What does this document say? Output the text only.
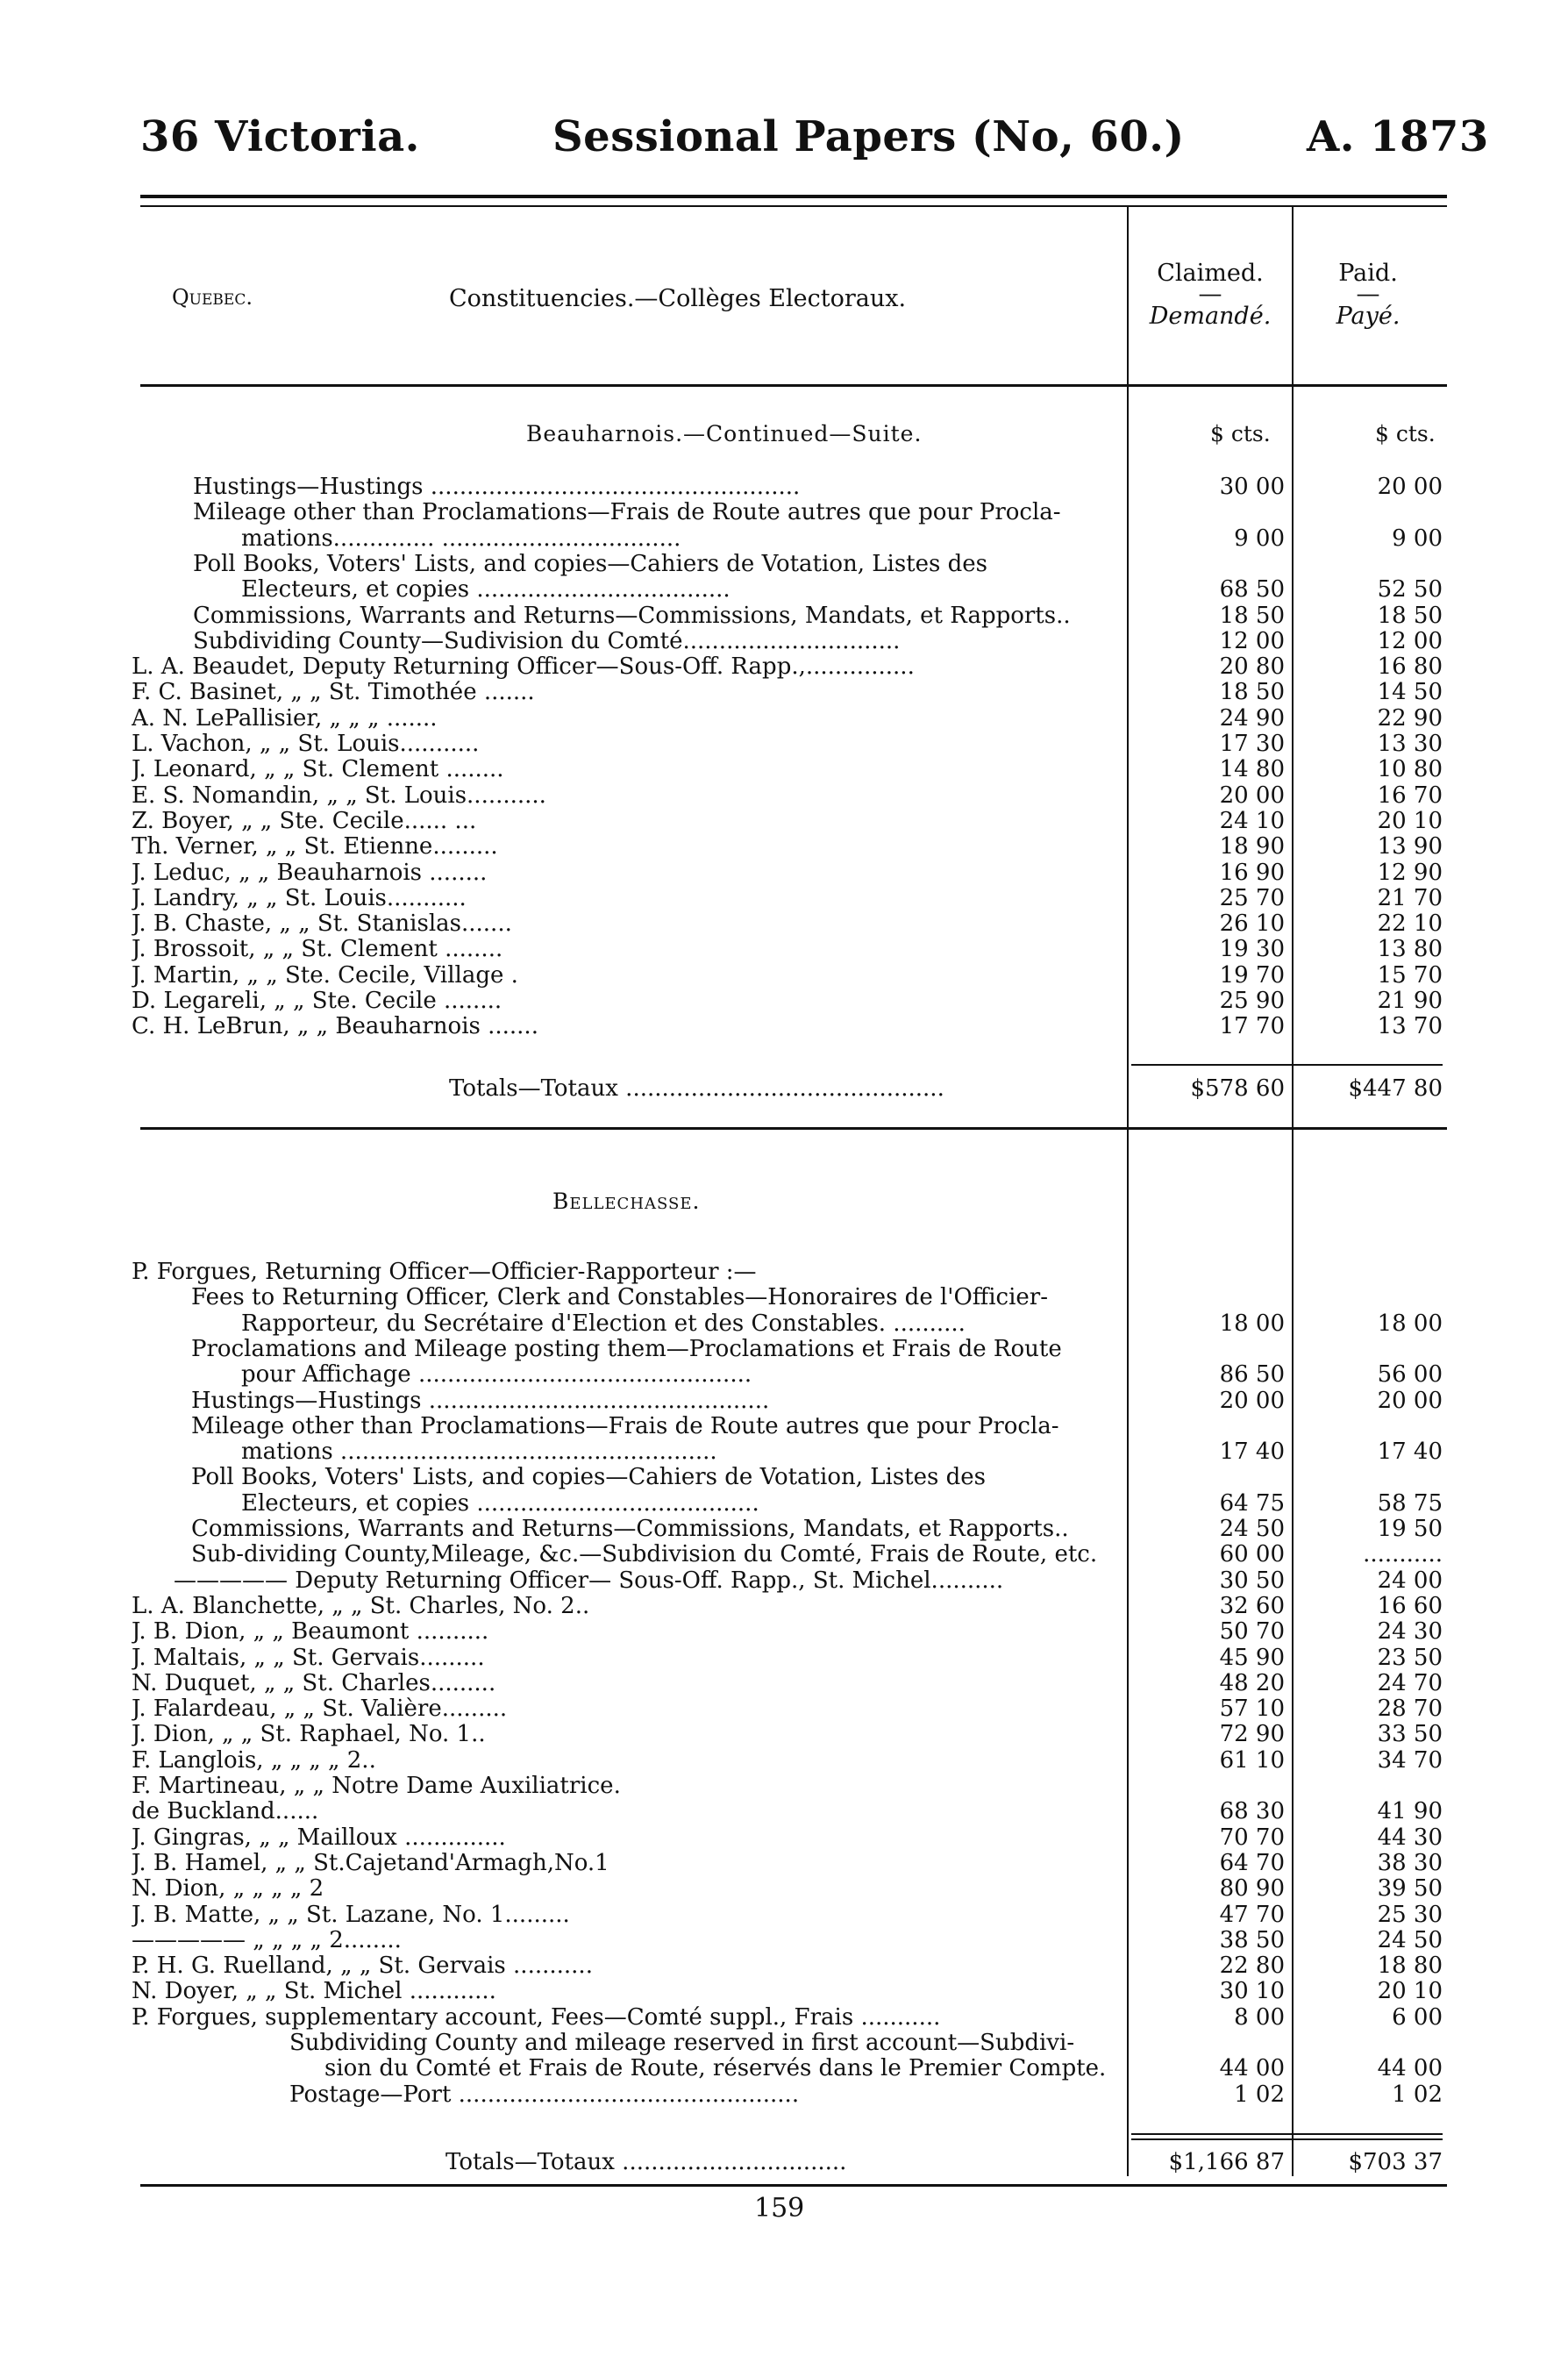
36 Victoria.	Sessional Papers (No, 60.)	A. 1873
Quebec.	Constituencies.—Collèges Electoraux.
Claimed.
—
Demandé.
Paid.
—
Payé.
Beauharnois.—Continued—Suite.	$ cts.	$ cts.
Hustings—Hustings ...................................................	30 00	20 00
Mileage other than Proclamations—Frais de Route autres que pour Procla-
mations.............. .................................	9 00	9 00
Poll Books, Voters' Lists, and copies—Cahiers de Votation, Listes des
Electeurs, et copies ...................................	68 50	52 50
Commissions, Warrants and Returns—Commissions, Mandats, et Rapports..	18 50	18 50
Subdividing County—Sudivision du Comté..............................	12 00	12 00
L. A. Beaudet, Deputy Returning Officer—Sous-Off. Rapp.,...............	20 80	16 80
F. C. Basinet, „ „ St. Timothée .......	18 50	14 50
A. N. LePallisier, „ „ „ .......	24 90	22 90
L. Vachon, „ „ St. Louis...........	17 30	13 30
J. Leonard, „ „ St. Clement ........	14 80	10 80
E. S. Nomandin, „ „ St. Louis...........	20 00	16 70
Z. Boyer, „ „ Ste. Cecile...... ...	24 10	20 10
Th. Verner, „ „ St. Etienne.........	18 90	13 90
J. Leduc, „ „ Beauharnois ........	16 90	12 90
J. Landry, „ „ St. Louis...........	25 70	21 70
J. B. Chaste, „ „ St. Stanislas.......	26 10	22 10
J. Brossoit, „ „ St. Clement ........	19 30	13 80
J. Martin, „ „ Ste. Cecile, Village .	19 70	15 70
D. Legareli, „ „ Ste. Cecile ........	25 90	21 90
C. H. LeBrun, „ „ Beauharnois .......	17 70	13 70
Totals—Totaux ............................................	$578 60	$447 80
Bellechasse.
P. Forgues, Returning Officer—Officier-Rapporteur :—
Fees to Returning Officer, Clerk and Constables—Honoraires de l'Officier-
Rapporteur, du Secrétaire d'Election et des Constables. ..........	18 00	18 00
Proclamations and Mileage posting them—Proclamations et Frais de Route
pour Affichage ..............................................	86 50	56 00
Hustings—Hustings ...............................................	20 00	20 00
Mileage other than Proclamations—Frais de Route autres que pour Procla-
mations ....................................................	17 40	17 40
Poll Books, Voters' Lists, and copies—Cahiers de Votation, Listes des
Electeurs, et copies .......................................	64 75	58 75
Commissions, Warrants and Returns—Commissions, Mandats, et Rapports..	24 50	19 50
Sub-dividing County,Mileage, &c.—Subdivision du Comté, Frais de Route, etc.	60 00	...........
————— Deputy Returning Officer— Sous-Off. Rapp., St. Michel..........	30 50	24 00
L. A. Blanchette, „ „ St. Charles, No. 2..	32 60	16 60
J. B. Dion, „ „ Beaumont ..........	50 70	24 30
J. Maltais, „ „ St. Gervais.........	45 90	23 50
N. Duquet, „ „ St. Charles.........	48 20	24 70
J. Falardeau, „ „ St. Valière.........	57 10	28 70
J. Dion, „ „ St. Raphael, No. 1..	72 90	33 50
F. Langlois, „ „ „ „ 2..	61 10	34 70
F. Martineau, „ „ Notre Dame Auxiliatrice.
de Buckland......	68 30	41 90
J. Gingras, „ „ Mailloux ..............	70 70	44 30
J. B. Hamel, „ „ St.Cajetand'Armagh,No.1	64 70	38 30
N. Dion, „ „ „ „ 2	80 90	39 50
J. B. Matte, „ „ St. Lazane, No. 1.........	47 70	25 30
————— „ „ „ „ 2........	38 50	24 50
P. H. G. Ruelland, „ „ St. Gervais ...........	22 80	18 80
N. Doyer, „ „ St. Michel ............	30 10	20 10
P. Forgues, supplementary account, Fees—Comté suppl., Frais ...........	8 00	6 00
Subdividing County and mileage reserved in first account—Subdivi-
sion du Comté et Frais de Route, réservés dans le Premier Compte.	44 00	44 00
Postage—Port ...............................................	1 02	1 02
Totals—Totaux ...............................	$1,166 87	$703 37
159
